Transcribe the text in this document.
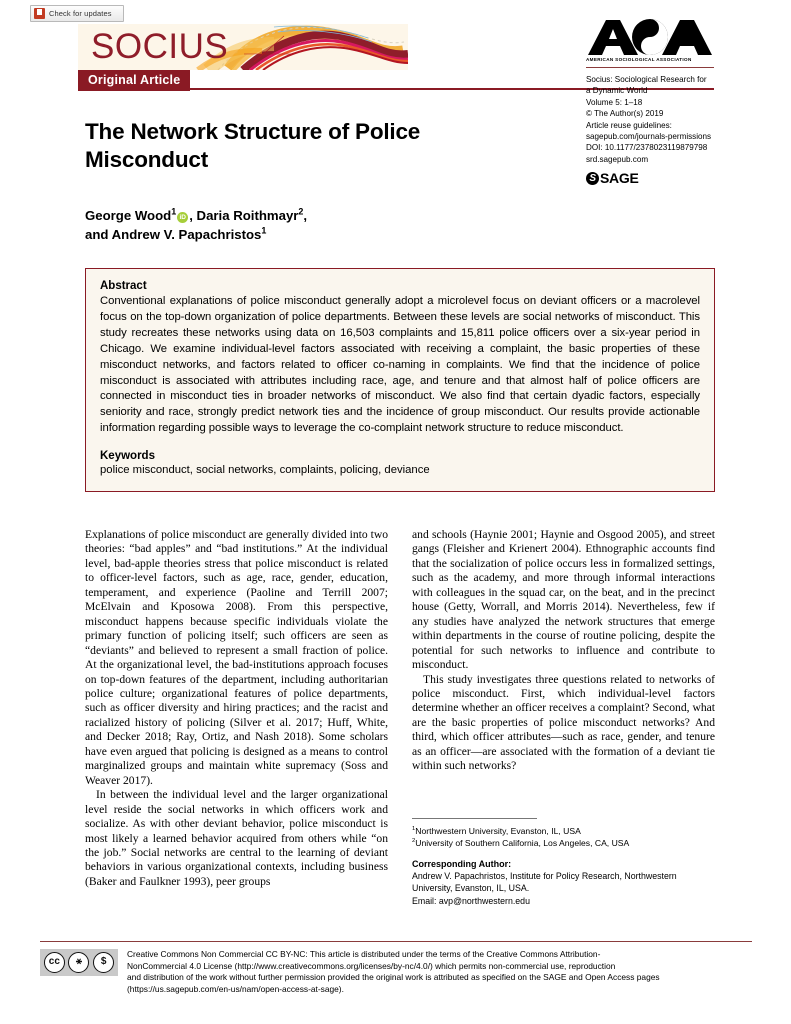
Check for updates
SOCIUS
Original Article
AMERICAN SOCIOLOGICAL ASSOCIATION
Socius: Sociological Research for
a Dynamic World
Volume 5: 1–18
© The Author(s) 2019
Article reuse guidelines:
sagepub.com/journals-permissions
DOI: 10.1177/2378023119879798
srd.sagepub.com
S SAGE
The Network Structure of Police Misconduct
George Wood$^1$iD , Daria Roithmayr$^2$,
and Andrew V. Papachristos$^1$
Abstract
Conventional explanations of police misconduct generally adopt a microlevel focus on deviant officers or a macrolevel focus on the top-down organization of police departments. Between these levels are social networks of misconduct. This study recreates these networks using data on 16,503 complaints and 15,811 police officers over a six-year period in Chicago. We examine individual-level factors associated with receiving a complaint, the basic properties of these misconduct networks, and factors related to officer co-naming in complaints. We find that the incidence of police misconduct is associated with attributes including race, age, and tenure and that almost half of police officers are connected in misconduct ties in broader networks of misconduct. We also find that certain dyadic factors, especially seniority and race, strongly predict network ties and the incidence of group misconduct. Our results provide actionable information regarding possible ways to leverage the co-complaint network structure to reduce misconduct.
Keywords
police misconduct, social networks, complaints, policing, deviance

Explanations of police misconduct are generally divided into two theories: “bad apples” and “bad institutions.” At the individual level, bad-apple theories stress that police misconduct is related to officer-level factors, such as age, race, gender, education, temperament, and experience (Paoline and Terrill 2007; McElvain and Kposowa 2008). From this perspective, misconduct happens because specific individuals violate the primary function of policing itself; such officers are seen as “deviants” and believed to represent a small fraction of police. At the organizational level, the bad-institutions approach focuses on top-down features of the department, including authoritarian police culture; organizational features of police departments, such as officer diversity and hiring practices; and the racist and racialized history of policing (Silver et al. 2017; Huff, White, and Decker 2018; Ray, Ortiz, and Nash 2018). Some scholars have even argued that policing is designed as a means to control marginalized groups and maintain white supremacy (Soss and Weaver 2017).

In between the individual level and the larger organizational level reside the social networks in which officers work and socialize. As with other deviant behavior, police misconduct is most likely a learned behavior acquired from others while “on the job.” Social networks are central to the learning of deviant behaviors in various organizational contexts, including business (Baker and Faulkner 1993), peer groups

and schools (Haynie 2001; Haynie and Osgood 2005), and street gangs (Fleisher and Krienert 2004). Ethnographic accounts find that the socialization of police occurs less in formalized settings, such as the academy, and more through informal interactions with colleagues in the squad car, on the beat, and in the precinct house (Getty, Worrall, and Morris 2014). Nevertheless, few if any studies have analyzed the network structures that emerge within departments in the course of routine policing, despite the potential for such networks to influence and contribute to misconduct.

This study investigates three questions related to networks of police misconduct. First, which individual-level factors determine whether an officer receives a complaint? Second, what are the basic properties of police misconduct networks? And third, which officer attributes—such as race, gender, and tenure as an officer—are associated with the formation of a deviant tie within such networks?

$^1$Northwestern University, Evanston, IL, USA
$^2$University of Southern California, Los Angeles, CA, USA
Corresponding Author:
Andrew V. Papachristos, Institute for Policy Research, Northwestern
University, Evanston, IL, USA.
Email: avp@northwestern.edu
cc	⚹	$
Creative Commons Non Commercial CC BY-NC: This article is distributed under the terms of the Creative Commons Attribution-
NonCommercial 4.0 License (http://www.creativecommons.org/licenses/by-nc/4.0/) which permits non-commercial use, reproduction
and distribution of the work without further permission provided the original work is attributed as specified on the SAGE and Open Access pages
(https://us.sagepub.com/en-us/nam/open-access-at-sage).
